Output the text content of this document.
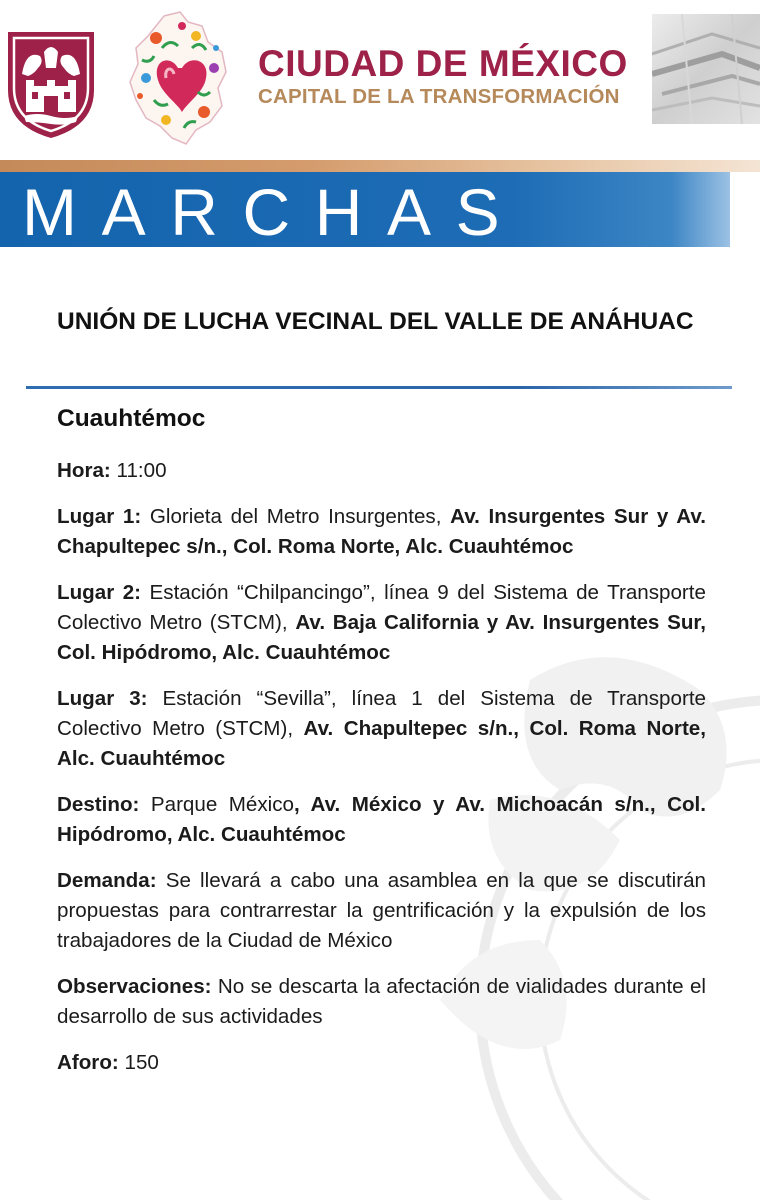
CIUDAD DE MÉXICO
CAPITAL DE LA TRANSFORMACIÓN
MARCHAS
UNIÓN DE LUCHA VECINAL DEL VALLE DE ANÁHUAC

Cuauhtémoc

Hora: 11:00

Lugar 1: Glorieta del Metro Insurgentes, Av. Insurgentes Sur y Av. Chapultepec s/n., Col. Roma Norte, Alc. Cuauhtémoc

Lugar 2: Estación “Chilpancingo”, línea 9 del Sistema de Transporte Colectivo Metro (STCM), Av. Baja California y Av. Insurgentes Sur, Col. Hipódromo, Alc. Cuauhtémoc

Lugar 3: Estación “Sevilla”, línea 1 del Sistema de Transporte Colectivo Metro (STCM), Av. Chapultepec s/n., Col. Roma Norte, Alc. Cuauhtémoc

Destino: Parque México, Av. México y Av. Michoacán s/n., Col. Hipódromo, Alc. Cuauhtémoc

Demanda: Se llevará a cabo una asamblea en la que se discutirán propuestas para contrarrestar la gentrificación y la expulsión de los trabajadores de la Ciudad de México

Observaciones: No se descarta la afectación de vialidades durante el desarrollo de sus actividades

Aforo: 150
